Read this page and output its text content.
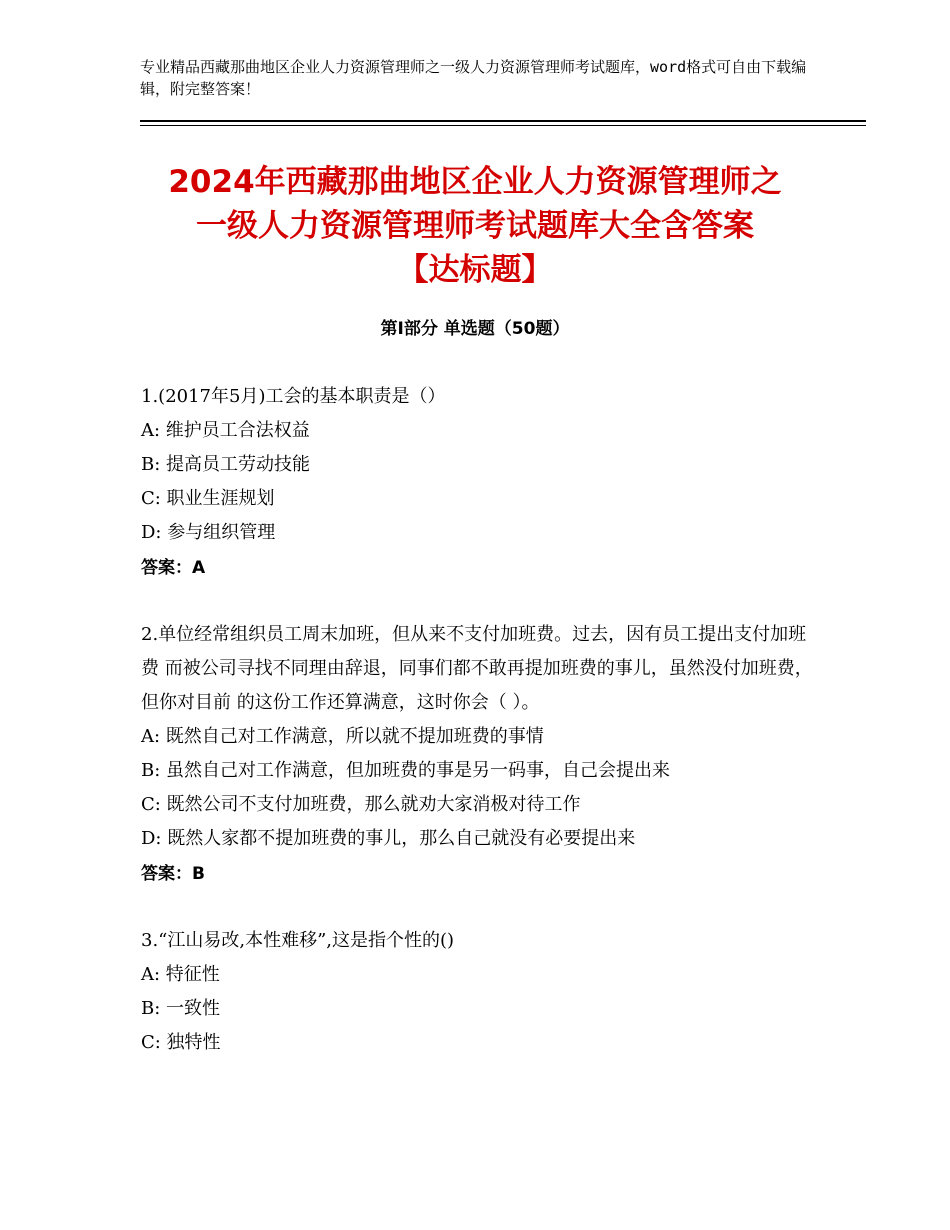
专业精品西藏那曲地区企业人力资源管理师之一级人力资源管理师考试题库，word格式可自由下载编辑，附完整答案！
2024年西藏那曲地区企业人力资源管理师之
一级人力资源管理师考试题库大全含答案
【达标题】
第Ⅰ部分 单选题（50题）
1.(2017年5月)工会的基本职责是（）
A: 维护员工合法权益
B: 提高员工劳动技能
C: 职业生涯规划
D: 参与组织管理
答案：A
2.单位经常组织员工周末加班，但从来不支付加班费。过去，因有员工提出支付加班费 而被公司寻找不同理由辞退，同事们都不敢再提加班费的事儿，虽然没付加班费，但你对目前 的这份工作还算满意，这时你会（ ）。
A: 既然自己对工作满意，所以就不提加班费的事情
B: 虽然自己对工作满意，但加班费的事是另一码事，自己会提出来
C: 既然公司不支付加班费，那么就劝大家消极对待工作
D: 既然人家都不提加班费的事儿，那么自己就没有必要提出来
答案：B
3.“江山易改,本性难移”,这是指个性的()
A: 特征性
B: 一致性
C: 独特性
